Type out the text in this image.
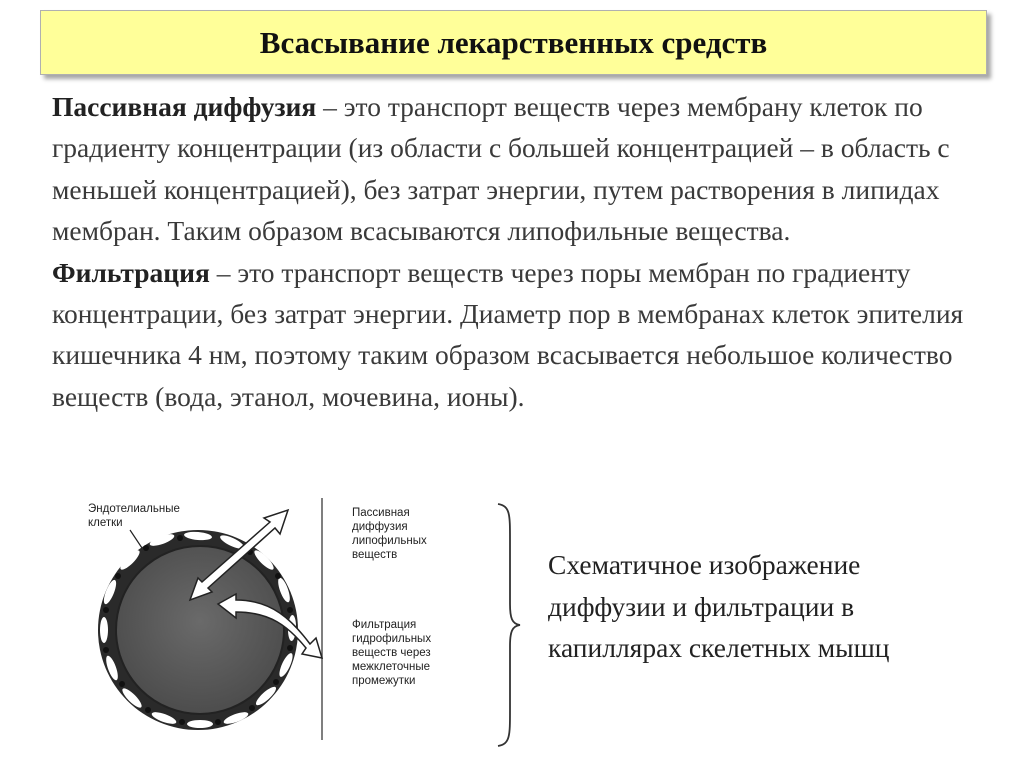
Всасывание лекарственных средств

Пассивная диффузия – это транспорт веществ через мембрану клеток по градиенту концентрации (из области с большей концентрацией – в область с меньшей концентрацией), без затрат энергии, путем растворения в липидах мембран. Таким образом всасываются липофильные вещества.

Фильтрация – это транспорт веществ через поры мембран по градиенту концентрации, без затрат энергии. Диаметр пор в мембранах клеток эпителия кишечника 4 нм, поэтому таким образом всасывается небольшое количество веществ (вода, этанол, мочевина, ионы).

Эндотелиальные
клетки
Пассивная
диффузия
липофильных
веществ
Фильтрация
гидрофильных
веществ через
межклеточные
промежутки
Схематичное изображение диффузии и фильтрации в капиллярах скелетных мышц
